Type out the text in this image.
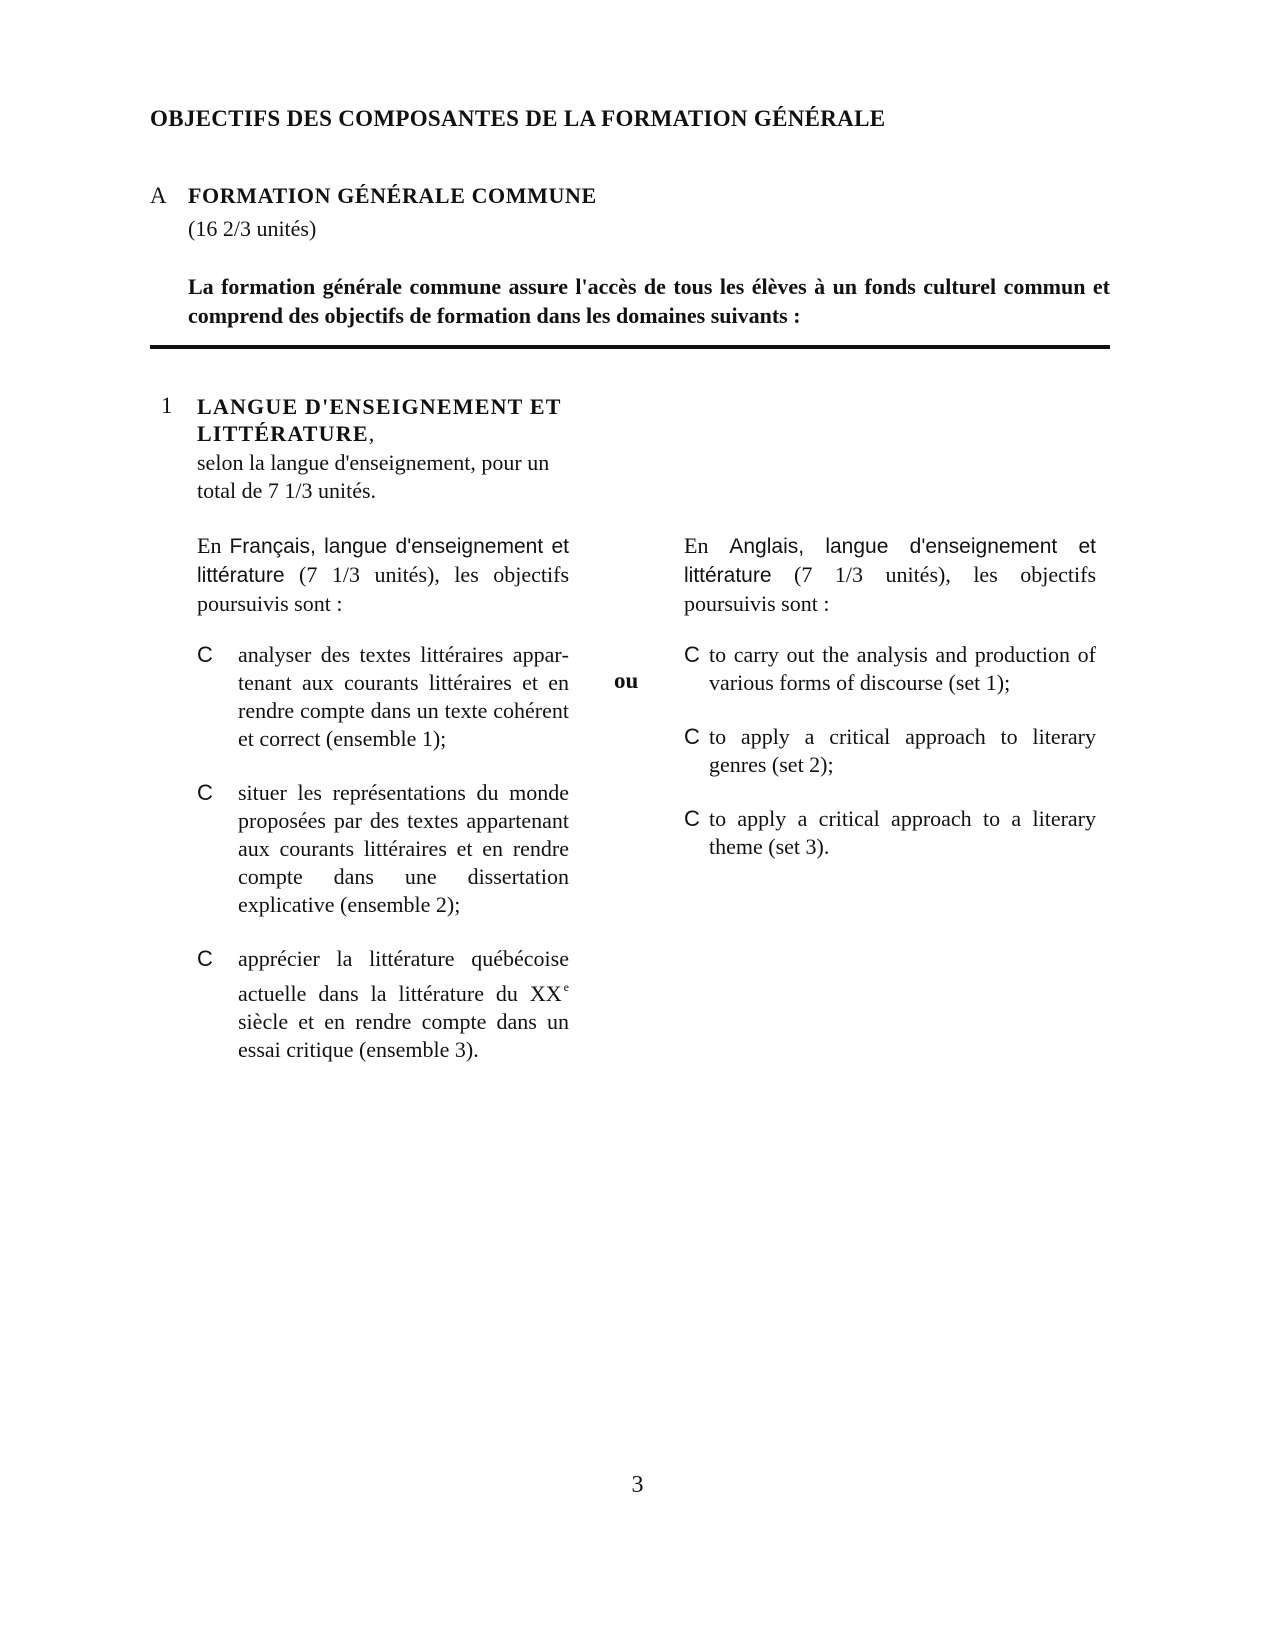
OBJECTIFS DES COMPOSANTES DE LA FORMATION GÉNÉRALE
A FORMATION GÉNÉRALE COMMUNE
(16 2/3 unités)
La formation générale commune assure l'accès de tous les élèves à un fonds culturel commun et comprend des objectifs de formation dans les domaines suivants :
1 LANGUE D'ENSEIGNEMENT ET LITTÉRATURE,
selon la langue d'enseignement, pour un total de 7 1/3 unités.
En Français, langue d'enseignement et littérature (7 1/3 unités), les objectifs poursuivis sont :
En Anglais, langue d'enseignement et littérature (7 1/3 unités), les objectifs poursuivis sont :
C analyser des textes littéraires appartenant aux courants littéraires et en rendre compte dans un texte cohérent et correct (ensemble 1);
C situer les représentations du monde proposées par des textes appartenant aux courants littéraires et en rendre compte dans une dissertation explicative (ensemble 2);
C apprécier la littérature québécoise actuelle dans la littérature du XX $^e$ siècle et en rendre compte dans un essai critique (ensemble 3).
ou
C to carry out the analysis and production of various forms of discourse (set 1);
C to apply a critical approach to literary genres (set 2);
C to apply a critical approach to a literary theme (set 3).
3
